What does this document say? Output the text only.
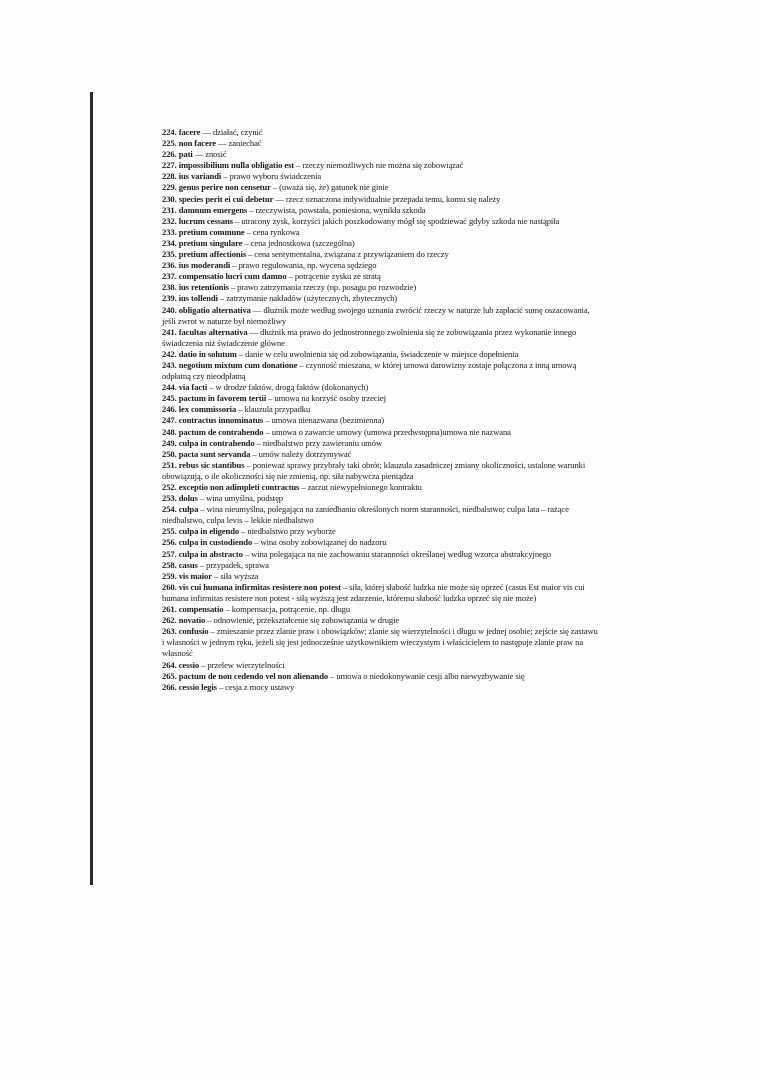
224. facere — działać, czynić

225. non facere — zaniechać

226. pati — znosić

227. impossibilium nulla obligatio est – rzeczy niemożliwych nie można się zobowiązać

228. ius variandi – prawo wyboru świadczenia

229. genus perire non censetur – (uważa się, że) gatunek nie ginie

230. species perit ei cui debetur — rzecz oznaczona indywidualnie przepada temu, komu się należy

231. damnum emergens – rzeczywista, powstała, poniesiona, wynikła szkoda

232. lucrum cessans – utracony zysk, korzyści jakich poszkodowany mógł się spodziewać gdyby szkoda nie nastąpiła

233. pretium commune – cena rynkowa

234. pretium singulare – cena jednostkowa (szczególna)

235. pretium affectionis – cena sentymentalna, związana z przywiązaniem do rzeczy

236. ius moderandi – prawo regulowania, np. wycena sędziego

237. compensatio lucri cum damno – potrącenie zysku ze stratą

238. ius retentionis – prawo zatrzymania rzeczy (np. posagu po rozwodzie)

239. ius tollendi – zatrzymanie nakładów (użytecznych, zbytecznych)

240. obligatio alternativa — dłużnik może według swojego uznania zwrócić rzeczy w naturze lub zapłacić sumę oszacowania, jeśli zwrot w naturze był niemożliwy

241. facultas alternativa — dłużnik ma prawo do jednostronnego zwolnienia się ze zobowiązania przez wykonanie innego świadczenia niż świadczenie główne

242. datio in solutum – danie w celu uwolnienia się od zobowiązania, świadczenie w miejsce dopełnienia

243. negotium mixtum cum donatione – czynność mieszana, w której umowa darowizny zostaje połączona z inną umową odpłatną czy nieodpłatną

244. via facti – w drodze faktów, drogą faktów (dokonanych)

245. pactum in favorem tertii – umowa na korzyść osoby trzeciej

246. lex commissoria – klauzula przypadku

247. contractus innominatus – umowa nienazwana (bezimienna)

248. pactum de contrahendo – umowa o zawarcie umowy (umowa przedwstępna)umowa nie nazwana

249. culpa in contrahendo – niedbalstwo przy zawieraniu umów

250. pacta sunt servanda – umów należy dotrzymywać

251. rebus sic stantibus – ponieważ sprawy przybrały taki obrót; klauzula zasadniczej zmiany okoliczności, ustalone warunki obowiązują, o ile okoliczności się nie zmienią, np. siła nabywcza pieniądza

252. exceptio non adimpleti contractus – zarzut niewypełnionego kontraktu

253. dolus – wina umyślna, podstęp

254. culpa – wina nieumyślna, polegająca na zaniedbaniu określonych norm staranności, niedbalstwo; culpa lata – rażące niedbalstwo, culpa levis – lekkie niedbalstwo

255. culpa in eligendo – niedbalstwo przy wyborze

256. culpa in custodiendo – wina osoby zobowiązanej do nadzoru

257. culpa in abstracto – wina polegająca na nie zachowaniu staranności określanej według wzorca abstrakcyjnego

258. casus – przypadek, sprawa

259. vis maior – siła wyższa

260. vis cui humana infirmitas resistere non potest – siła, której słabość ludzka nie może się oprzeć (casus Est maior vis cui humana infirmitas resistere non potest - siłą wyższą jest zdarzenie, któremu słabość ludzka oprzeć się nie może)

261. compensatio – kompensacja, potrącenie, np. długu

262. novatio – odnowienie, przekształcenie się zobowiązania w drugie

263. confusio – zmieszanie przez zlanie praw i obowiązków; zlanie się wierzytelności i długu w jednej osobie; zejście się zastawu i własności w jednym ręku, jeżeli się jest jednocześnie użytkownikiem wieczystym i właścicielem to następuje zlanie praw na własność

264. cessio – przelew wierzytelności

265. pactum de non cedendo vel non alienando – umowa o niedokonywanie cesji albo niewyzbywanie się

266. cessio legis – cesja z mocy ustawy
